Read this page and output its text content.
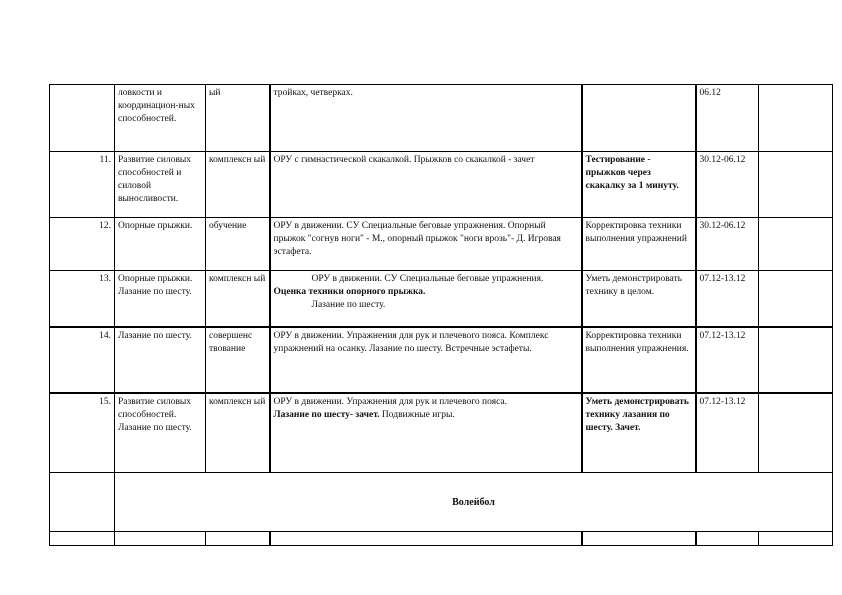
	ловкости и координацион-ных способностей.	ый	тройках, четверках.		06.12	
11.	Развитие силовых способностей и силовой выносливости.	комплексн ый	ОРУ с гимнастической скакалкой. Прыжков со скакалкой - зачет	Тестирование - прыжков через скакалку за 1 минуту.	30.12-06.12	
12.	Опорные прыжки.	обучение	ОРУ в движении. СУ Специальные беговые упражнения. Опорный прыжок "согнув ноги" - М., опорный прыжок "ноги врозь"- Д. Игровая эстафета.	Корректировка техники выполнения упражнений	30.12-06.12	
13.	Опорные прыжки. Лазание по шесту.	комплексн ый	ОРУ в движении. СУ Специальные беговые упражнения.
Оценка техники опорного прыжка.
Лазание по шесту.	Уметь демонстрировать технику в целом.	07.12-13.12	
14.	Лазание по шесту.	совершенс твование	ОРУ в движении. Упражнения для рук и плечевого пояса. Комплекс упражнений на осанку. Лазание по шесту. Встречные эстафеты.	Корректировка техники выполнения упражнения.	07.12-13.12	
15.	Развитие силовых способностей. Лазание по шесту.	комплексн ый	ОРУ в движении. Упражнения для рук и плечевого пояса.
Лазание по шесту- зачет. Подвижные игры.	Уметь демонстрировать технику лазания по шесту. Зачет.	07.12-13.12	
	Волейбол					
